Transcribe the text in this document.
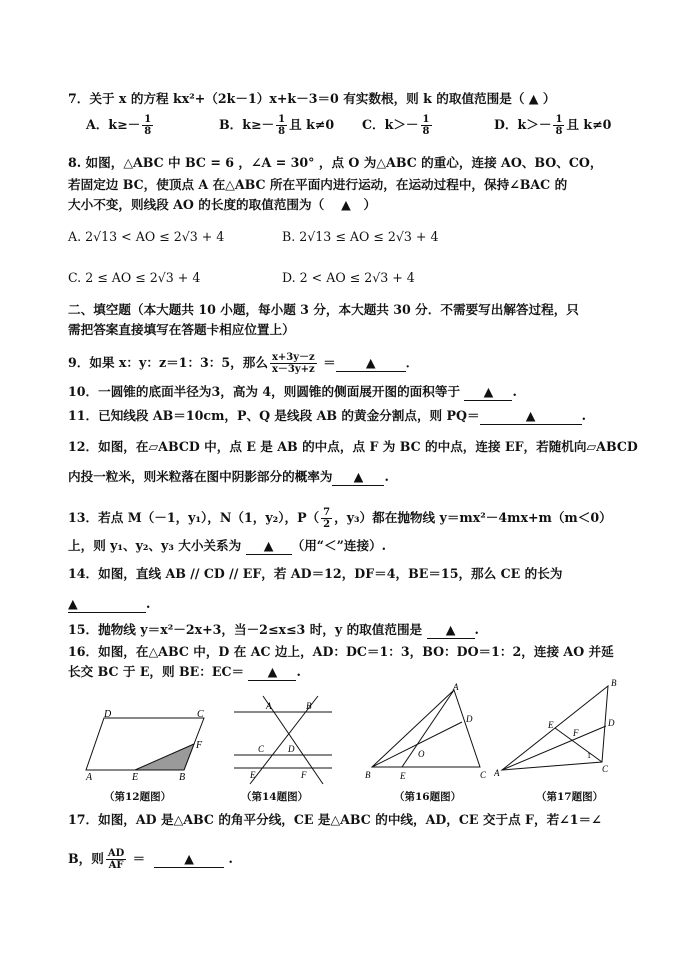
7．关于 x 的方程 kx²+（2k－1）x+k－3＝0 有实数根，则 k 的取值范围是（ ▲ ）
A．$k\ge- \frac{1}{8}$	B．$k\ge- \frac{1}{8}$ 且 k≠0 C．$k>- \frac{1}{8}$	D．$k>- \frac{1}{8}$ 且 k≠0
8. 如图，△ABC 中 BC = 6 ，∠A = 30° ，点 O 为△ABC 的重心，连接 AO、BO、CO，
若固定边 BC，使顶点 A 在△ABC 所在平面内进行运动，在运动过程中，保持∠BAC 的
大小不变，则线段 AO 的长度的取值范围为（　 ▲　）
A. 2√13 < AO ≤ 2√3 + 4	B. 2√13 ≤ AO ≤ 2√3 + 4
C. 2 ≤ AO ≤ 2√3 + 4	D. 2 < AO ≤ 2√3 + 4
二、填空题（本大题共 10 小题，每小题 3 分，本大题共 30 分．不需要写出解答过程，只
需把答案直接填写在答题卡相应位置上）
9．如果 x：y：z＝1：3：5，那么 $\frac{x+3y-z}{x-3y+z}$ ＝ ▲ ．
10．一圆锥的底面半径为3，高为 4，则圆锥的侧面展开图的面积等于 ▲ .
11．已知线段 AB＝10cm，P、Q 是线段 AB 的黄金分割点，则 PQ＝	▲	.
12．如图，在▱ABCD 中，点 E 是 AB 的中点，点 F 为 BC 的中点，连接 EF，若随机向▱ABCD
内投一粒米，则米粒落在图中阴影部分的概率为 ▲ .
13．若点 M（－1，y₁），N（1，y₂），$P( \frac{7}{2}$ ，y₃）都在抛物线 y＝mx²－4mx+m（m＜0）
上，则 y₁、y₂、y₃ 大小关系为 ▲ （用“＜”连接）.
14．如图，直线 AB // CD // EF，若 AD＝12，DF＝4，BE＝15，那么 CE 的长为
▲	.
15．抛物线 y＝x²－2x+3，当－2≤x≤3 时，y 的取值范围是 ▲ .
16．如图，在△ABC 中，D 在 AC 边上，AD：DC＝1：3，BO：DO＝1：2，连接 AO 并延
长交 BC 于 E，则 BE：EC＝ ▲ .
D	C
F
A	E	B
（第12题图）
A	B
C	D
E	F
（第14题图）
A
D
O
B	E	C
（第16题图）
B
E
F
D
1
A	C
（第17题图）
17．如图，AD 是△ABC 的角平分线，CE 是△ABC 的中线，AD，CE 交于点 F，若∠1＝∠
B，则 $\frac{AD}{AF}$ ＝	▲	.
